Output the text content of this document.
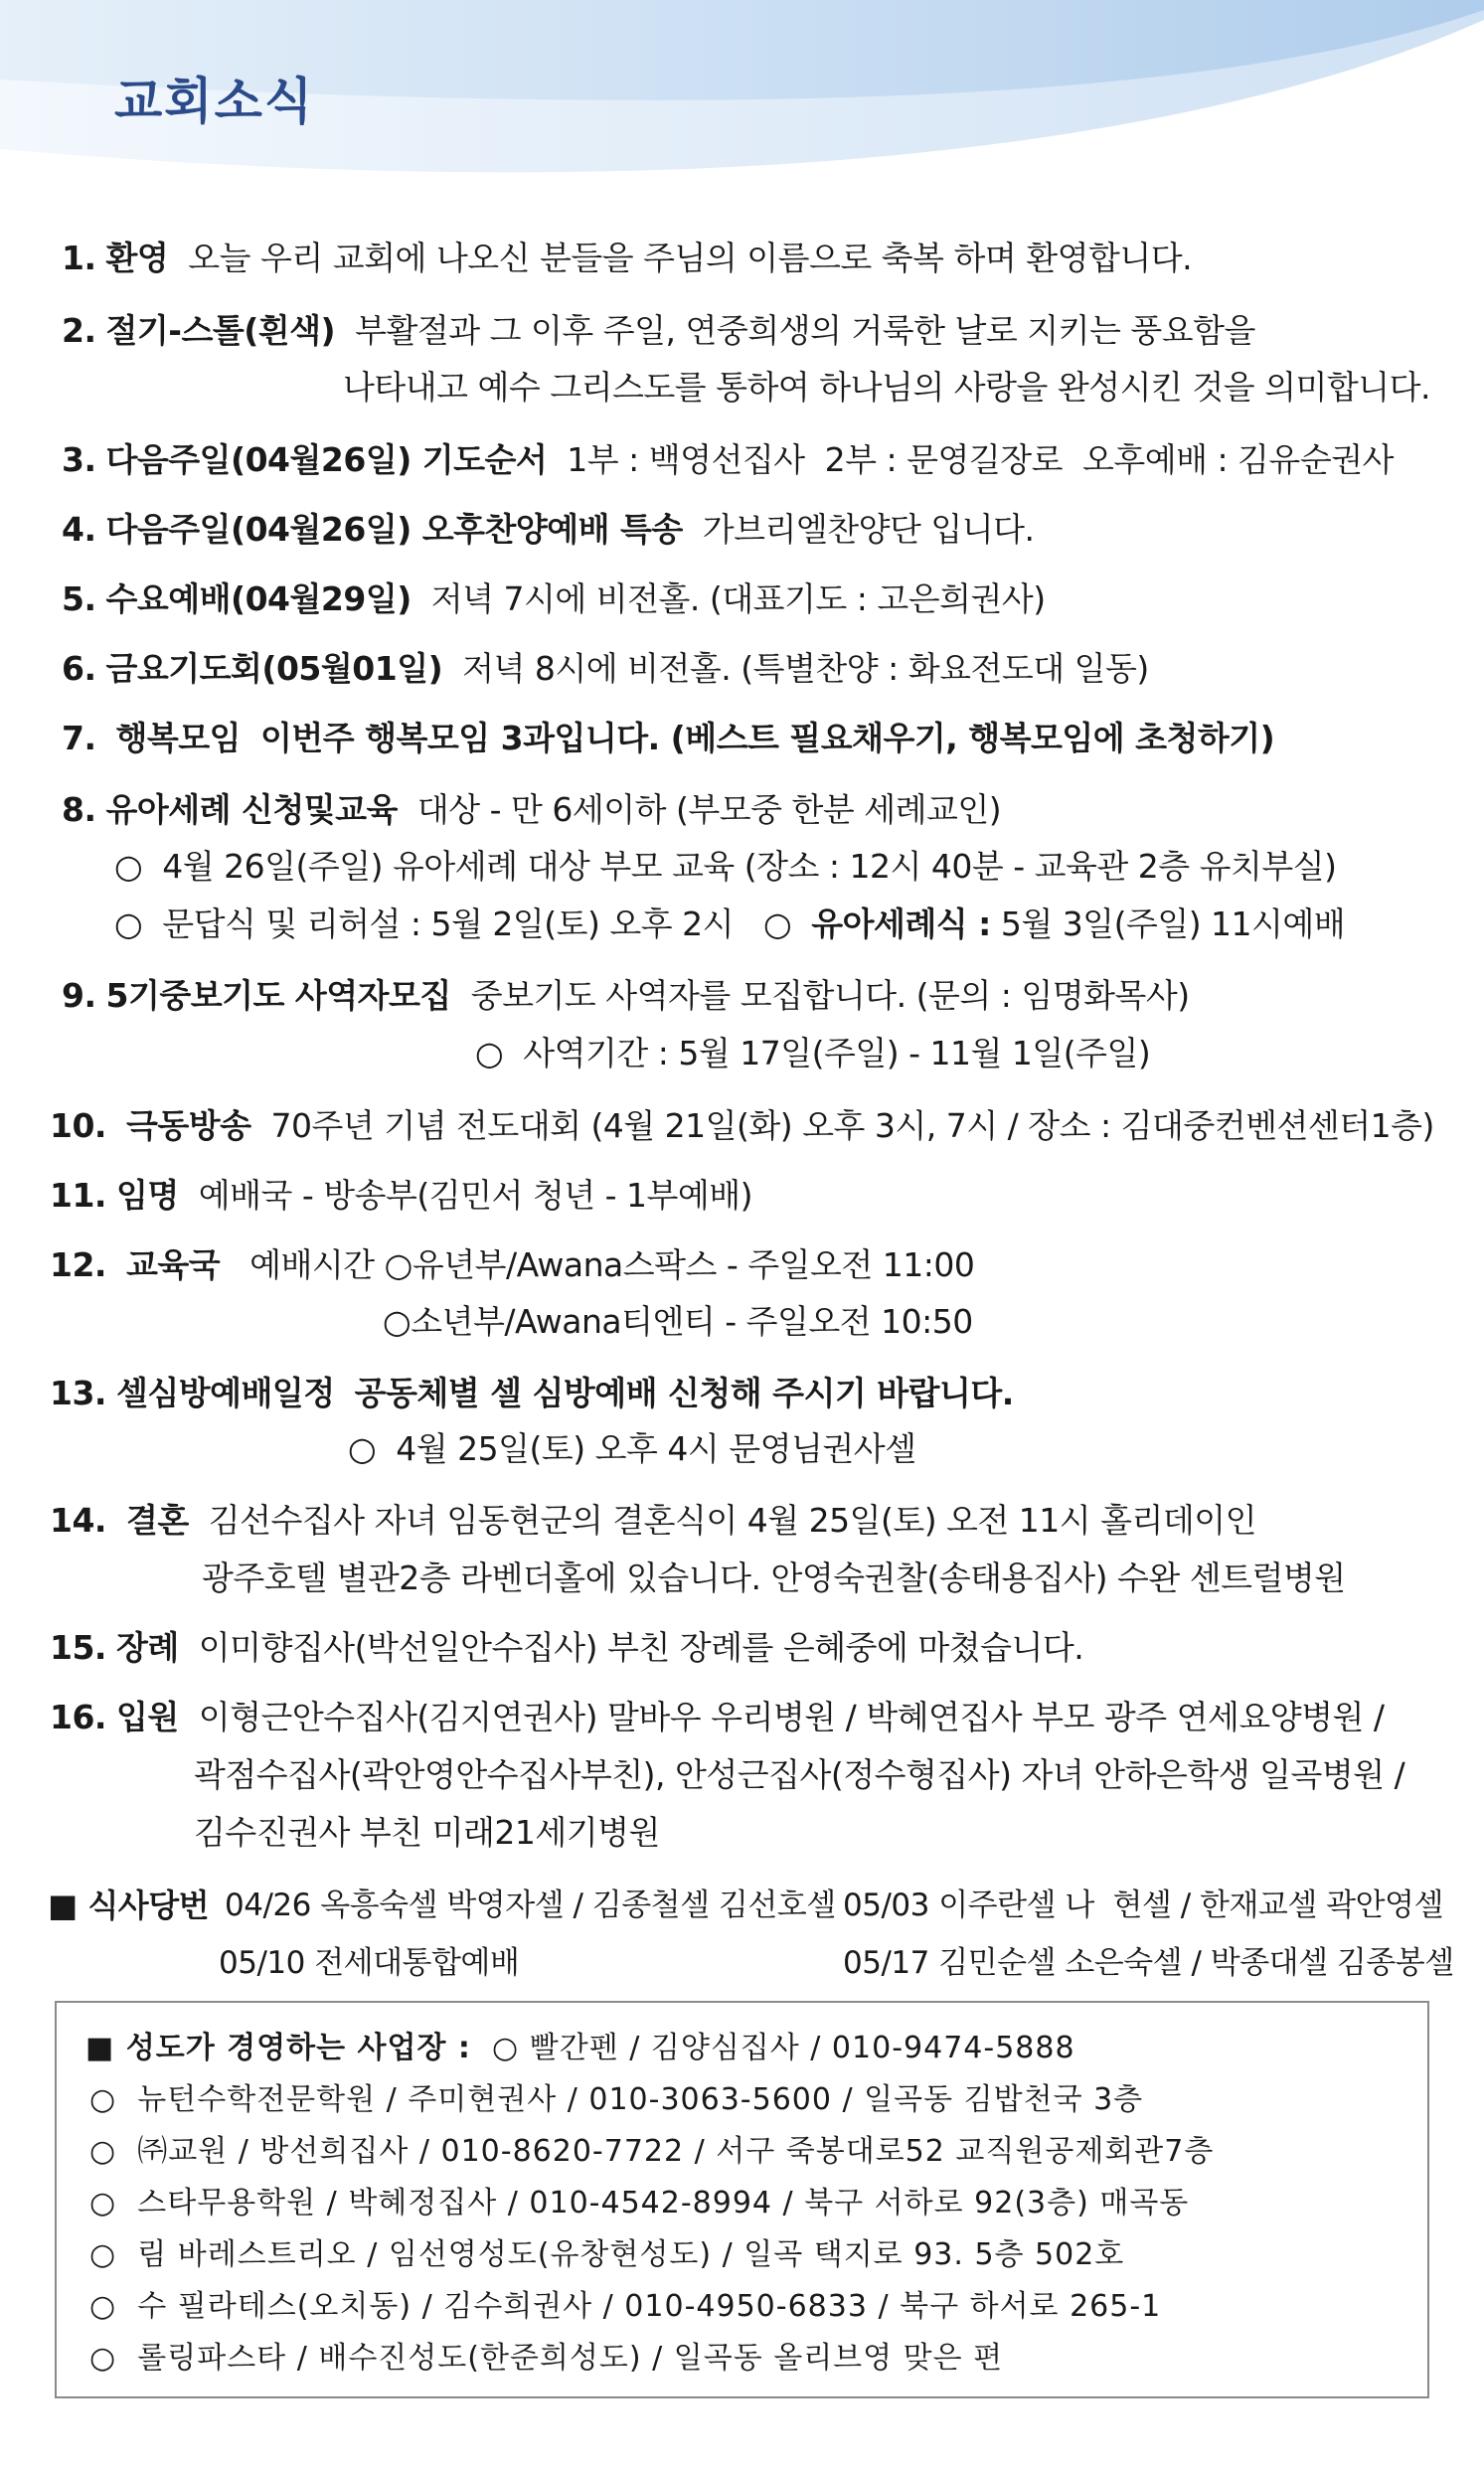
교회소식
1. 환영 오늘 우리 교회에 나오신 분들을 주님의 이름으로 축복 하며 환영합니다.
2. 절기-스톨(흰색) 부활절과 그 이후 주일, 연중희생의 거룩한 날로 지키는 풍요함을
나타내고 예수 그리스도를 통하여 하나님의 사랑을 완성시킨 것을 의미합니다.
3. 다음주일(04월26일) 기도순서 1부 : 백영선집사  2부 : 문영길장로  오후예배 : 김유순권사
4. 다음주일(04월26일) 오후찬양예배 특송 가브리엘찬양단 입니다.
5. 수요예배(04월29일) 저녁 7시에 비전홀. (대표기도 : 고은희권사)
6. 금요기도회(05월01일) 저녁 8시에 비전홀. (특별찬양 : 화요전도대 일동)
7. 행복모임 이번주 행복모임 3과입니다. (베스트 필요채우기, 행복모임에 초청하기)
8. 유아세례 신청및교육 대상 - 만 6세이하 (부모중 한분 세례교인)
○ 4월 26일(주일) 유아세례 대상 부모 교육 (장소 : 12시 40분 - 교육관 2층 유치부실)
○ 문답식 및 리허설 : 5월 2일(토) 오후 2시 ○ 유아세례식 : 5월 3일(주일) 11시예배
9. 5기중보기도 사역자모집 중보기도 사역자를 모집합니다. (문의 : 임명화목사)
○ 사역기간 : 5월 17일(주일) - 11월 1일(주일)
10. 극동방송 70주년 기념 전도대회 (4월 21일(화) 오후 3시, 7시 / 장소 : 김대중컨벤션센터1층)
11. 임명 예배국 - 방송부(김민서 청년 - 1부예배)
12. 교육국 예배시간 ○유년부/Awana스팍스 - 주일오전 11:00
○소년부/Awana티엔티 - 주일오전 10:50
13. 셀심방예배일정 공동체별 셀 심방예배 신청해 주시기 바랍니다.
○ 4월 25일(토) 오후 4시 문영님권사셀
14. 결혼 김선수집사 자녀 임동현군의 결혼식이 4월 25일(토) 오전 11시 홀리데이인
광주호텔 별관2층 라벤더홀에 있습니다. 안영숙권찰(송태용집사) 수완 센트럴병원
15. 장례 이미향집사(박선일안수집사) 부친 장례를 은혜중에 마쳤습니다.
16. 입원 이형근안수집사(김지연권사) 말바우 우리병원 / 박혜연집사 부모 광주 연세요양병원 /
곽점수집사(곽안영안수집사부친), 안성근집사(정수형집사) 자녀 안하은학생 일곡병원 /
김수진권사 부친 미래21세기병원
■ 식사당번 04/26 옥흥숙셀 박영자셀 / 김종철셀 김선호셀 05/03 이주란셀 나  현셀 / 한재교셀 곽안영셀
05/10 전세대통합예배	05/17 김민순셀 소은숙셀 / 박종대셀 김종봉셀
■ 성도가 경영하는 사업장 : ○ 빨간펜 / 김양심집사 / 010-9474-5888
○ 뉴턴수학전문학원 / 주미현권사 / 010-3063-5600 / 일곡동 김밥천국 3층
○ ㈜교원 / 방선희집사 / 010-8620-7722 / 서구 죽봉대로52 교직원공제회관7층
○ 스타무용학원 / 박혜정집사 / 010-4542-8994 / 북구 서하로 92(3층) 매곡동
○ 림 바레스트리오 / 임선영성도(유창현성도) / 일곡 택지로 93. 5층 502호
○ 수 필라테스(오치동) / 김수희권사 / 010-4950-6833 / 북구 하서로 265-1
○ 롤링파스타 / 배수진성도(한준희성도) / 일곡동 올리브영 맞은 편
